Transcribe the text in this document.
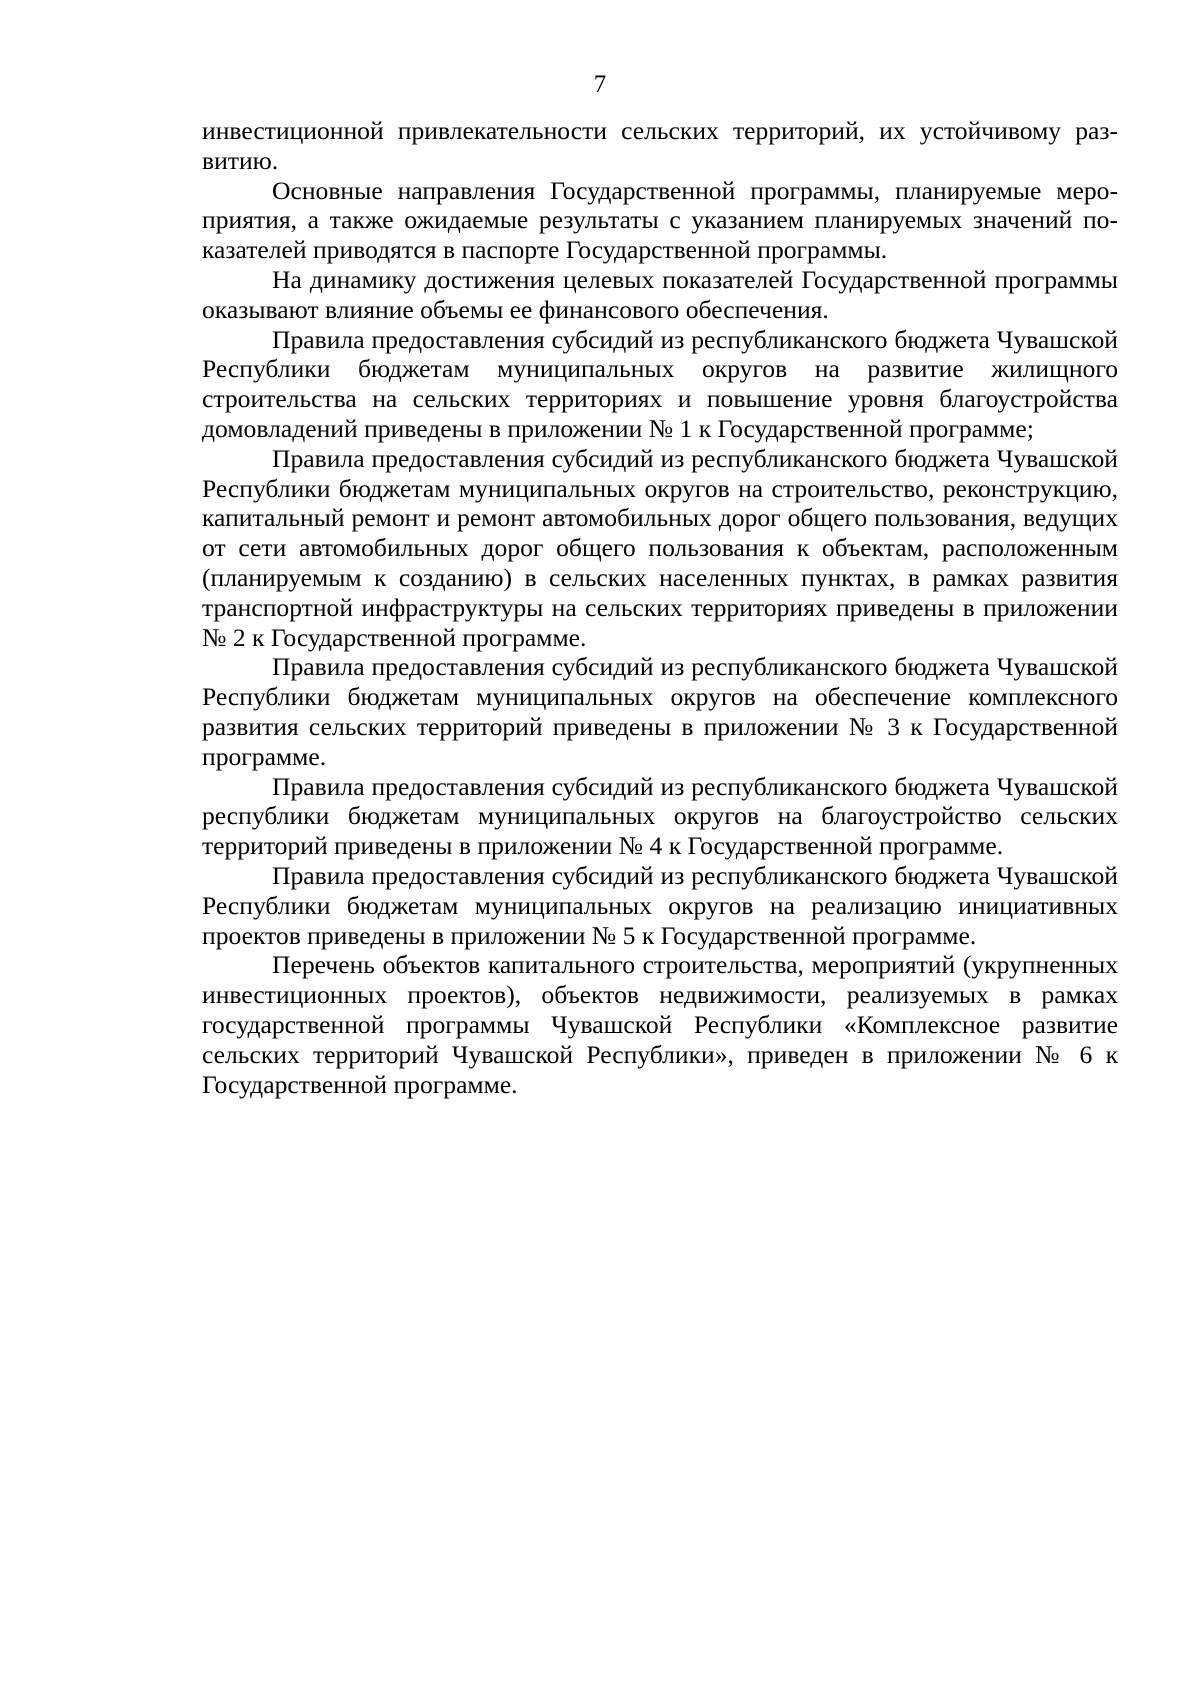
7

инвестиционной привлекательности сельских территорий, их устойчивому развитию.

Основные направления Государственной программы, планируемые мероприятия, а также ожидаемые результаты с указанием планируемых значений показателей приводятся в паспорте Государственной программы.

На динамику достижения целевых показателей Государственной программы оказывают влияние объемы ее финансового обеспечения.

Правила предоставления субсидий из республиканского бюджета Чувашской Республики бюджетам муниципальных округов на развитие жилищного строительства на сельских территориях и повышение уровня благоустройства домовладений приведены в приложении № 1 к Государственной программе;

Правила предоставления субсидий из республиканского бюджета Чувашской Республики бюджетам муниципальных округов на строительство, реконструкцию, капитальный ремонт и ремонт автомобильных дорог общего пользования, ведущих от сети автомобильных дорог общего пользования к объектам, расположенным (планируемым к созданию) в сельских населенных пунктах, в рамках развития транспортной инфраструктуры на сельских территориях приведены в приложении № 2 к Государственной программе.

Правила предоставления субсидий из республиканского бюджета Чувашской Республики бюджетам муниципальных округов на обеспечение комплексного развития сельских территорий приведены в приложении № 3 к Государственной программе.

Правила предоставления субсидий из республиканского бюджета Чувашской республики бюджетам муниципальных округов на благоустройство сельских территорий приведены в приложении № 4 к Государственной программе.

Правила предоставления субсидий из республиканского бюджета Чувашской Республики бюджетам муниципальных округов на реализацию инициативных проектов приведены в приложении № 5 к Государственной программе.

Перечень объектов капитального строительства, мероприятий (укрупненных инвестиционных проектов), объектов недвижимости, реализуемых в рамках государственной программы Чувашской Республики «Комплексное развитие сельских территорий Чувашской Республики», приведен в приложении № 6 к Государственной программе.
